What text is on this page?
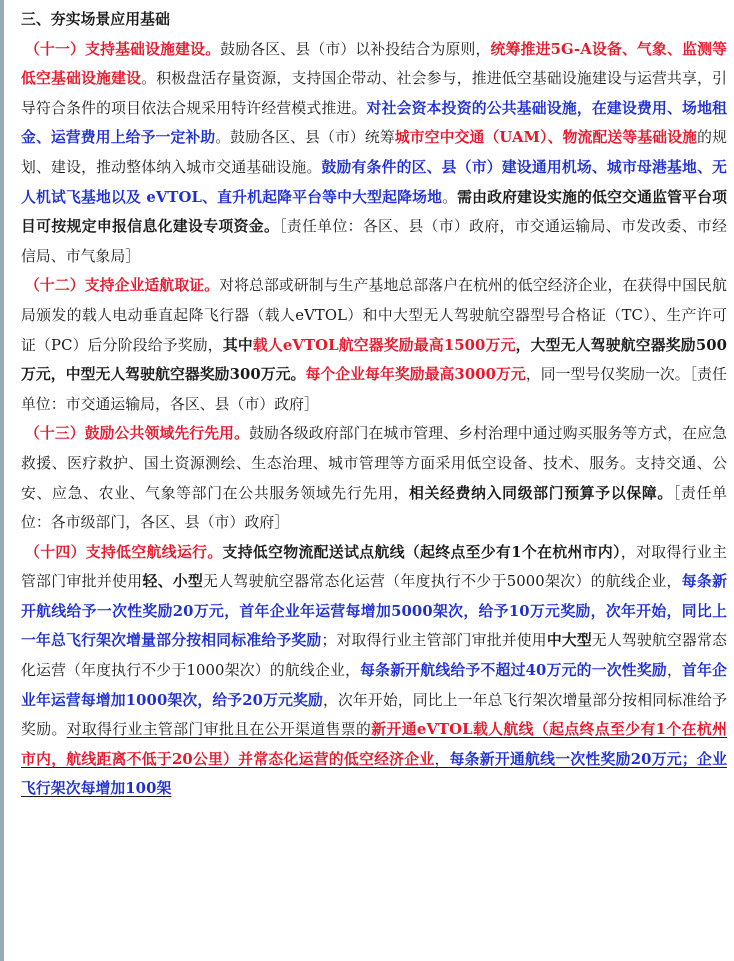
三、夯实场景应用基础

（十一）支持基础设施建设。鼓励各区、县（市）以补投结合为原则，统筹推进5G-A设备、气象、监测等低空基础设施建设。积极盘活存量资源，支持国企带动、社会参与，推进低空基础设施建设与运营共享，引导符合条件的项目依法合规采用特许经营模式推进。对社会资本投资的公共基础设施，在建设费用、场地租金、运营费用上给予一定补助。鼓励各区、县（市）统筹城市空中交通（UAM）、物流配送等基础设施的规划、建设，推动整体纳入城市交通基础设施。鼓励有条件的区、县（市）建设通用机场、城市母港基地、无人机试飞基地以及 eVTOL、直升机起降平台等中大型起降场地。需由政府建设实施的低空交通监管平台项目可按规定申报信息化建设专项资金。［责任单位：各区、县（市）政府，市交通运输局、市发改委、市经信局、市气象局］

（十二）支持企业适航取证。对将总部或研制与生产基地总部落户在杭州的低空经济企业，在获得中国民航局颁发的载人电动垂直起降飞行器（载人eVTOL）和中大型无人驾驶航空器型号合格证（TC）、生产许可证（PC）后分阶段给予奖励，其中载人eVTOL航空器奖励最高1500万元，大型无人驾驶航空器奖励500万元，中型无人驾驶航空器奖励300万元。每个企业每年奖励最高3000万元，同一型号仅奖励一次。［责任单位：市交通运输局，各区、县（市）政府］

（十三）鼓励公共领域先行先用。鼓励各级政府部门在城市管理、乡村治理中通过购买服务等方式，在应急救援、医疗救护、国土资源测绘、生态治理、城市管理等方面采用低空设备、技术、服务。支持交通、公安、应急、农业、气象等部门在公共服务领域先行先用，相关经费纳入同级部门预算予以保障。［责任单位：各市级部门，各区、县（市）政府］

（十四）支持低空航线运行。支持低空物流配送试点航线（起终点至少有1个在杭州市内），对取得行业主管部门审批并使用轻、小型无人驾驶航空器常态化运营（年度执行不少于5000架次）的航线企业，每条新开航线给予一次性奖励20万元，首年企业年运营每增加5000架次，给予10万元奖励，次年开始，同比上一年总飞行架次增量部分按相同标准给予奖励；对取得行业主管部门审批并使用中大型无人驾驶航空器常态化运营（年度执行不少于1000架次）的航线企业，每条新开航线给予不超过40万元的一次性奖励，首年企业年运营每增加1000架次，给予20万元奖励，次年开始，同比上一年总飞行架次增量部分按相同标准给予奖励。对取得行业主管部门审批且在公开渠道售票的新开通eVTOL载人航线（起点终点至少有1个在杭州市内，航线距离不低于20公里）并常态化运营的低空经济企业，每条新开通航线一次性奖励20万元；企业飞行架次每增加100架
